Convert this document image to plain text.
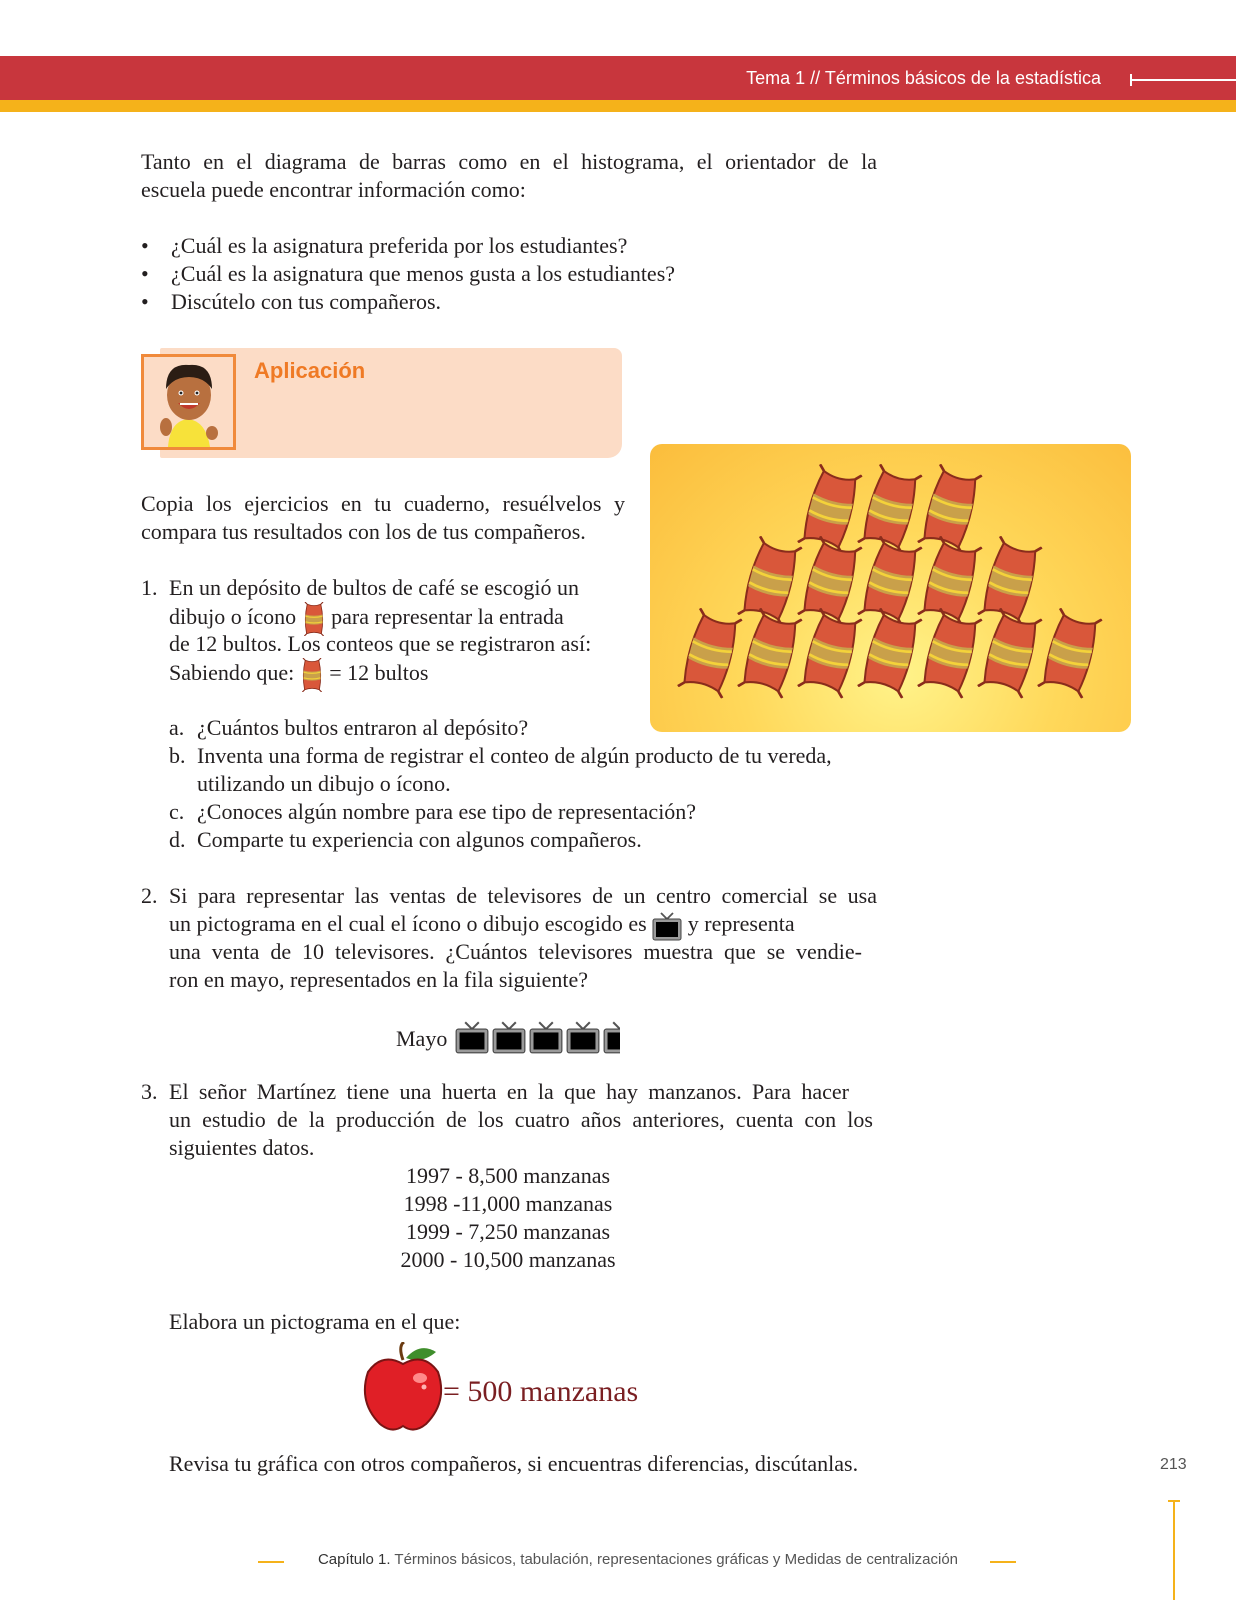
Tema 1 // Términos básicos de la estadística
Tanto en el diagrama de barras como en el histograma, el orientador de la
escuela puede encontrar información como:
• ¿Cuál es la asignatura preferida por los estudiantes?
• ¿Cuál es la asignatura que menos gusta a los estudiantes?
• Discútelo con tus compañeros.
Aplicación
Copia los ejercicios en tu cuaderno, resuélvelos y
compara tus resultados con los de tus compañeros.
1. En un depósito de bultos de café se escogió un
dibujo o ícono para representar la entrada
de 12 bultos. Los conteos que se registraron así:
Sabiendo que: = 12 bultos
a. ¿Cuántos bultos entraron al depósito?
b. Inventa una forma de registrar el conteo de algún producto de tu vereda,
utilizando un dibujo o ícono.
c. ¿Conoces algún nombre para ese tipo de representación?
d. Comparte tu experiencia con algunos compañeros.
2. Si para representar las ventas de televisores de un centro comercial se usa
un pictograma en el cual el ícono o dibujo escogido es y representa
una venta de 10 televisores. ¿Cuántos televisores muestra que se vendie-
ron en mayo, representados en la fila siguiente?
Mayo
3. El señor Martínez tiene una huerta en la que hay manzanos. Para hacer
un estudio de la producción de los cuatro años anteriores, cuenta con los
siguientes datos.
1997 - 8,500 manzanas
1998 -11,000 manzanas
1999 - 7,250 manzanas
2000 - 10,500 manzanas
Elabora un pictograma en el que:
= 500 manzanas
Revisa tu gráfica con otros compañeros, si encuentras diferencias, discútanlas.	213
Capítulo 1. Términos básicos, tabulación, representaciones gráficas y Medidas de centralización
